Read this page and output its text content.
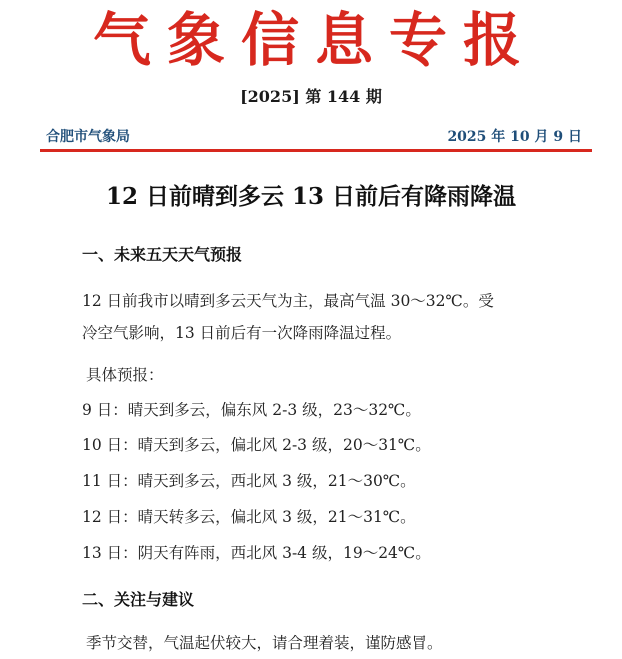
气象信息专报
[2025] 第 144 期
合肥市气象局	2025 年 10 月 9 日
12 日前晴到多云 13 日前后有降雨降温
一、未来五天天气预报
12 日前我市以晴到多云天气为主，最高气温 30～32℃。受
冷空气影响，13 日前后有一次降雨降温过程。
具体预报：
9 日：晴天到多云，偏东风 2-3 级，23～32℃。
10 日：晴天到多云，偏北风 2-3 级，20～31℃。
11 日：晴天到多云，西北风 3 级，21～30℃。
12 日：晴天转多云，偏北风 3 级，21～31℃。
13 日：阴天有阵雨，西北风 3-4 级，19～24℃。
二、关注与建议
季节交替，气温起伏较大，请合理着装，谨防感冒。
